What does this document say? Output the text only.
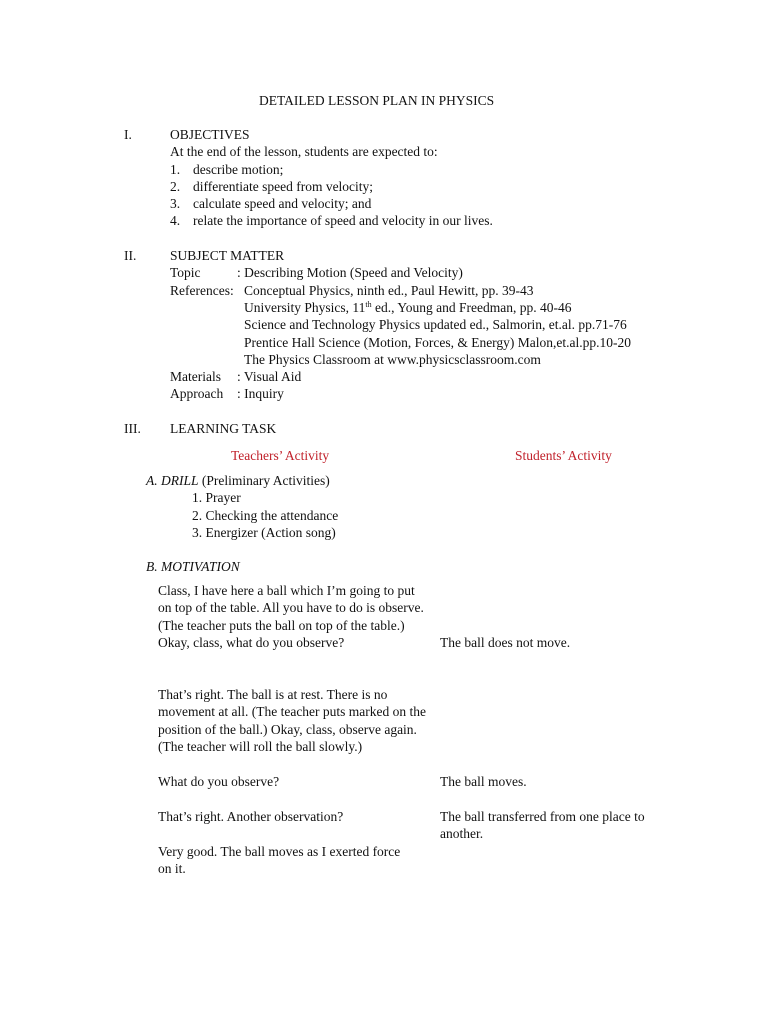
DETAILED LESSON PLAN IN PHYSICS
I.	OBJECTIVES
At the end of the lesson, students are expected to:
1. describe motion;
2. differentiate speed from velocity;
3. calculate speed and velocity; and
4. relate the importance of speed and velocity in our lives.
II. SUBJECT MATTER
Topic	: Describing Motion (Speed and Velocity)
References: Conceptual Physics, ninth ed., Paul Hewitt, pp. 39-43
University Physics, 11th ed., Young and Freedman, pp. 40-46
Science and Technology Physics updated ed., Salmorin, et.al. pp.71-76
Prentice Hall Science (Motion, Forces, & Energy) Malon,et.al.pp.10-20
The Physics Classroom at www.physicsclassroom.com
Materials : Visual Aid
Approach : Inquiry
III. LEARNING TASK
Teachers’ Activity	Students’ Activity
A. DRILL (Preliminary Activities)
1. Prayer
2. Checking the attendance
3. Energizer (Action song)
B. MOTIVATION
Class, I have here a ball which I’m going to put on top of the table. All you have to do is observe. (The teacher puts the ball on top of the table.) Okay, class, what do you observe?	The ball does not move.
That’s right. The ball is at rest. There is no movement at all. (The teacher puts marked on the position of the ball.) Okay, class, observe again. (The teacher will roll the ball slowly.)
What do you observe?	The ball moves.
That’s right. Another observation?	The ball transferred from one place to another.
Very good. The ball moves as I exerted force on it.
